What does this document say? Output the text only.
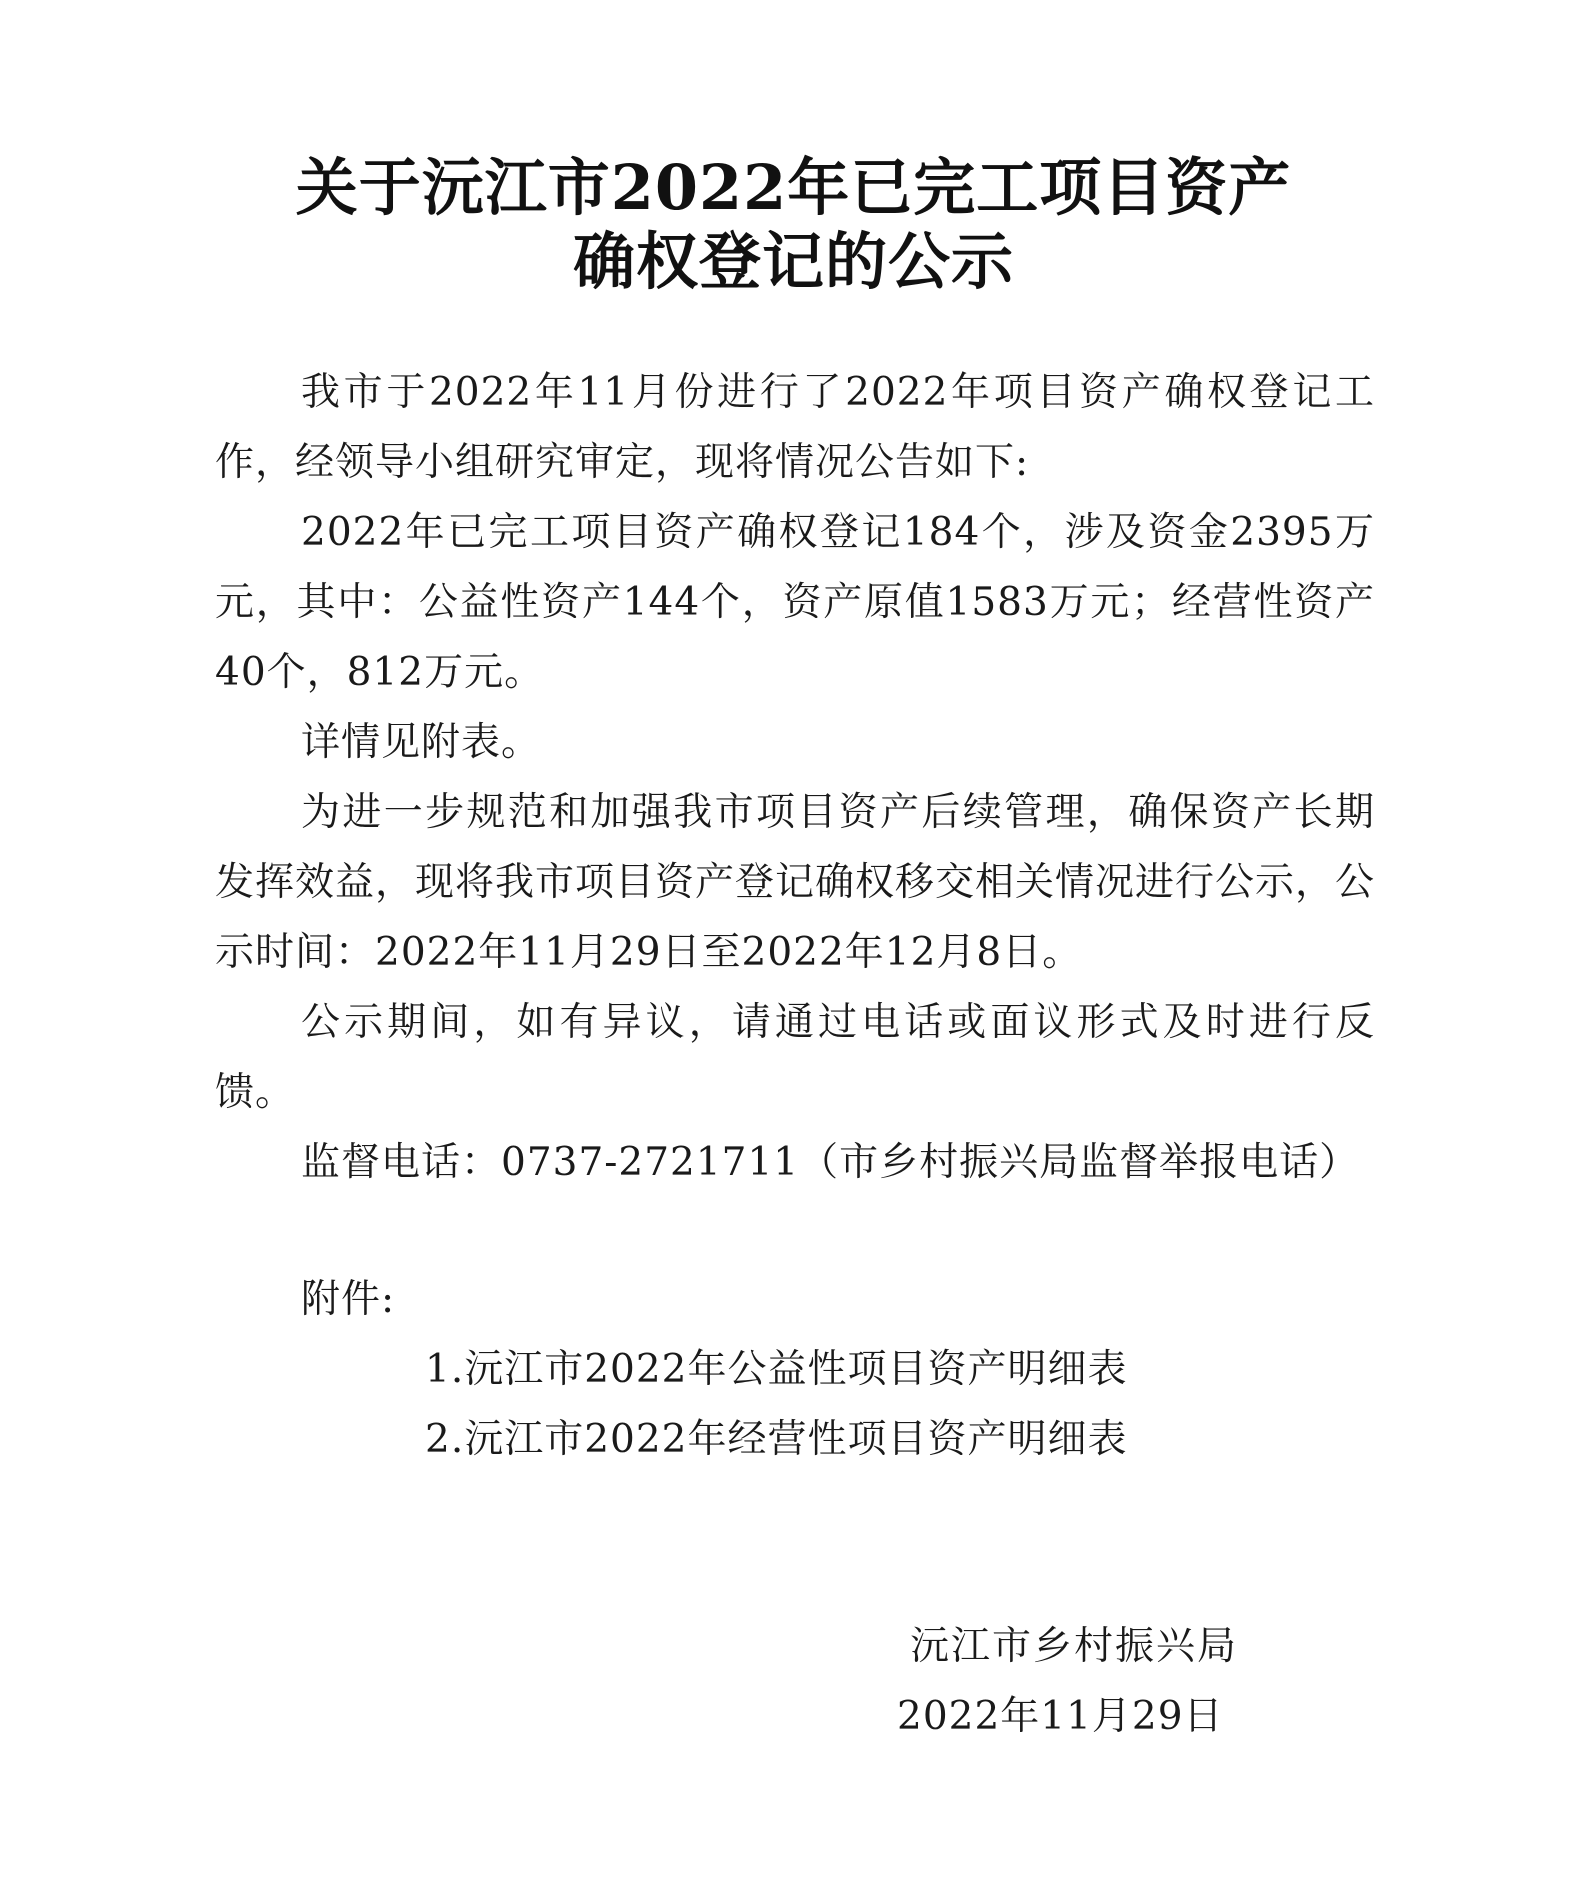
关于沅江市2022年已完工项目资产
确权登记的公示

我市于2022年11月份进行了2022年项目资产确权登记工作，经领导小组研究审定，现将情况公告如下:

2022年已完工项目资产确权登记184个，涉及资金2395万元，其中：公益性资产144个，资产原值1583万元；经营性资产40个，812万元。

详情见附表。

为进一步规范和加强我市项目资产后续管理，确保资产长期发挥效益，现将我市项目资产登记确权移交相关情况进行公示，公示时间：2022年11月29日至2022年12月8日。

公示期间，如有异议，请通过电话或面议形式及时进行反馈。

监督电话：0737-2721711（市乡村振兴局监督举报电话）

附件:
1.沅江市2022年公益性项目资产明细表
2.沅江市2022年经营性项目资产明细表
沅江市乡村振兴局
2022年11月29日
